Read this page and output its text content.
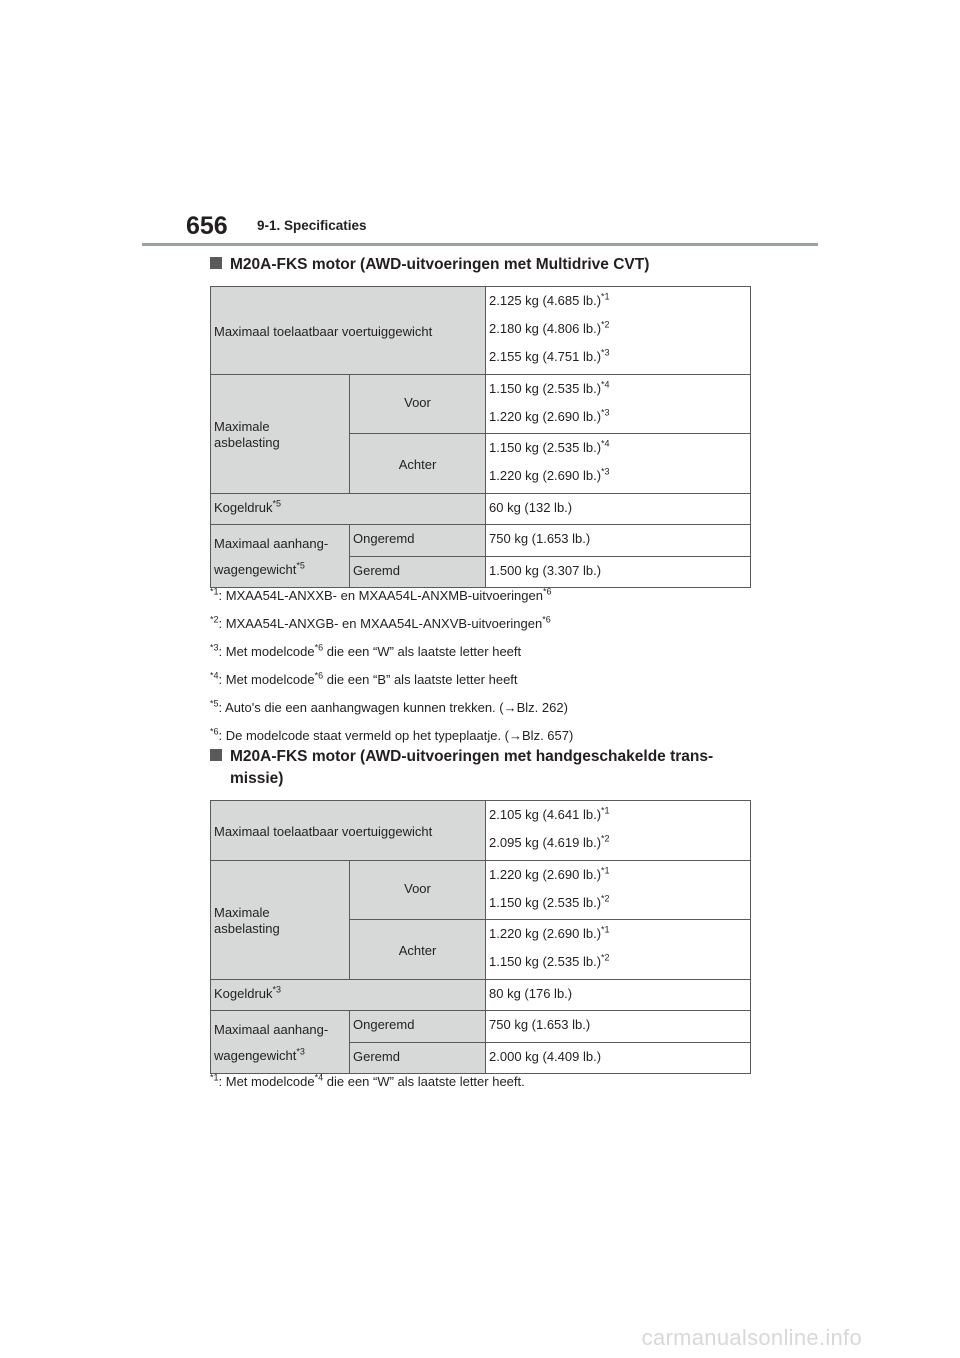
656 9-1. Specificaties
M20A-FKS motor (AWD-uitvoeringen met Multidrive CVT)
Maximaal toelaatbaar voertuiggewicht		2.125 kg (4.685 lb.)$^{*1}$
2.180 kg (4.806 lb.)$^{*2}$
2.155 kg (4.751 lb.)$^{*3}$

Maximale
asbelasting	Voor	1.150 kg (2.535 lb.)$^{*4}$
1.220 kg (2.690 lb.)$^{*3}$

	Achter	1.150 kg (2.535 lb.)$^{*4}$
1.220 kg (2.690 lb.)$^{*3}$

Kogeldruk$^{*5}$		60 kg (132 lb.)
Maximaal aanhang-
wagengewicht$^{*5}$	Ongeremd	750 kg (1.653 lb.)
	Geremd	1.500 kg (3.307 lb.)
$^{*1}$: MXAA54L-ANXXB- en MXAA54L-ANXMB-uitvoeringen$^{*6}$
$^{*2}$: MXAA54L-ANXGB- en MXAA54L-ANXVB-uitvoeringen$^{*6}$
$^{*3}$: Met modelcode$^{*6}$ die een “W” als laatste letter heeft
$^{*4}$: Met modelcode$^{*6}$ die een “B” als laatste letter heeft
$^{*5}$: Auto's die een aanhangwagen kunnen trekken. (→Blz. 262)
$^{*6}$: De modelcode staat vermeld op het typeplaatje. (→Blz. 657)
M20A-FKS motor (AWD-uitvoeringen met handgeschakelde trans-
missie)
Maximaal toelaatbaar voertuiggewicht		2.105 kg (4.641 lb.)$^{*1}$
2.095 kg (4.619 lb.)$^{*2}$

Maximale
asbelasting	Voor	1.220 kg (2.690 lb.)$^{*1}$
1.150 kg (2.535 lb.)$^{*2}$

	Achter	1.220 kg (2.690 lb.)$^{*1}$
1.150 kg (2.535 lb.)$^{*2}$

Kogeldruk$^{*3}$		80 kg (176 lb.)
Maximaal aanhang-
wagengewicht$^{*3}$	Ongeremd	750 kg (1.653 lb.)
	Geremd	2.000 kg (4.409 lb.)
$^{*1}$: Met modelcode$^{*4}$ die een “W” als laatste letter heeft.
carmanualsonline.info
